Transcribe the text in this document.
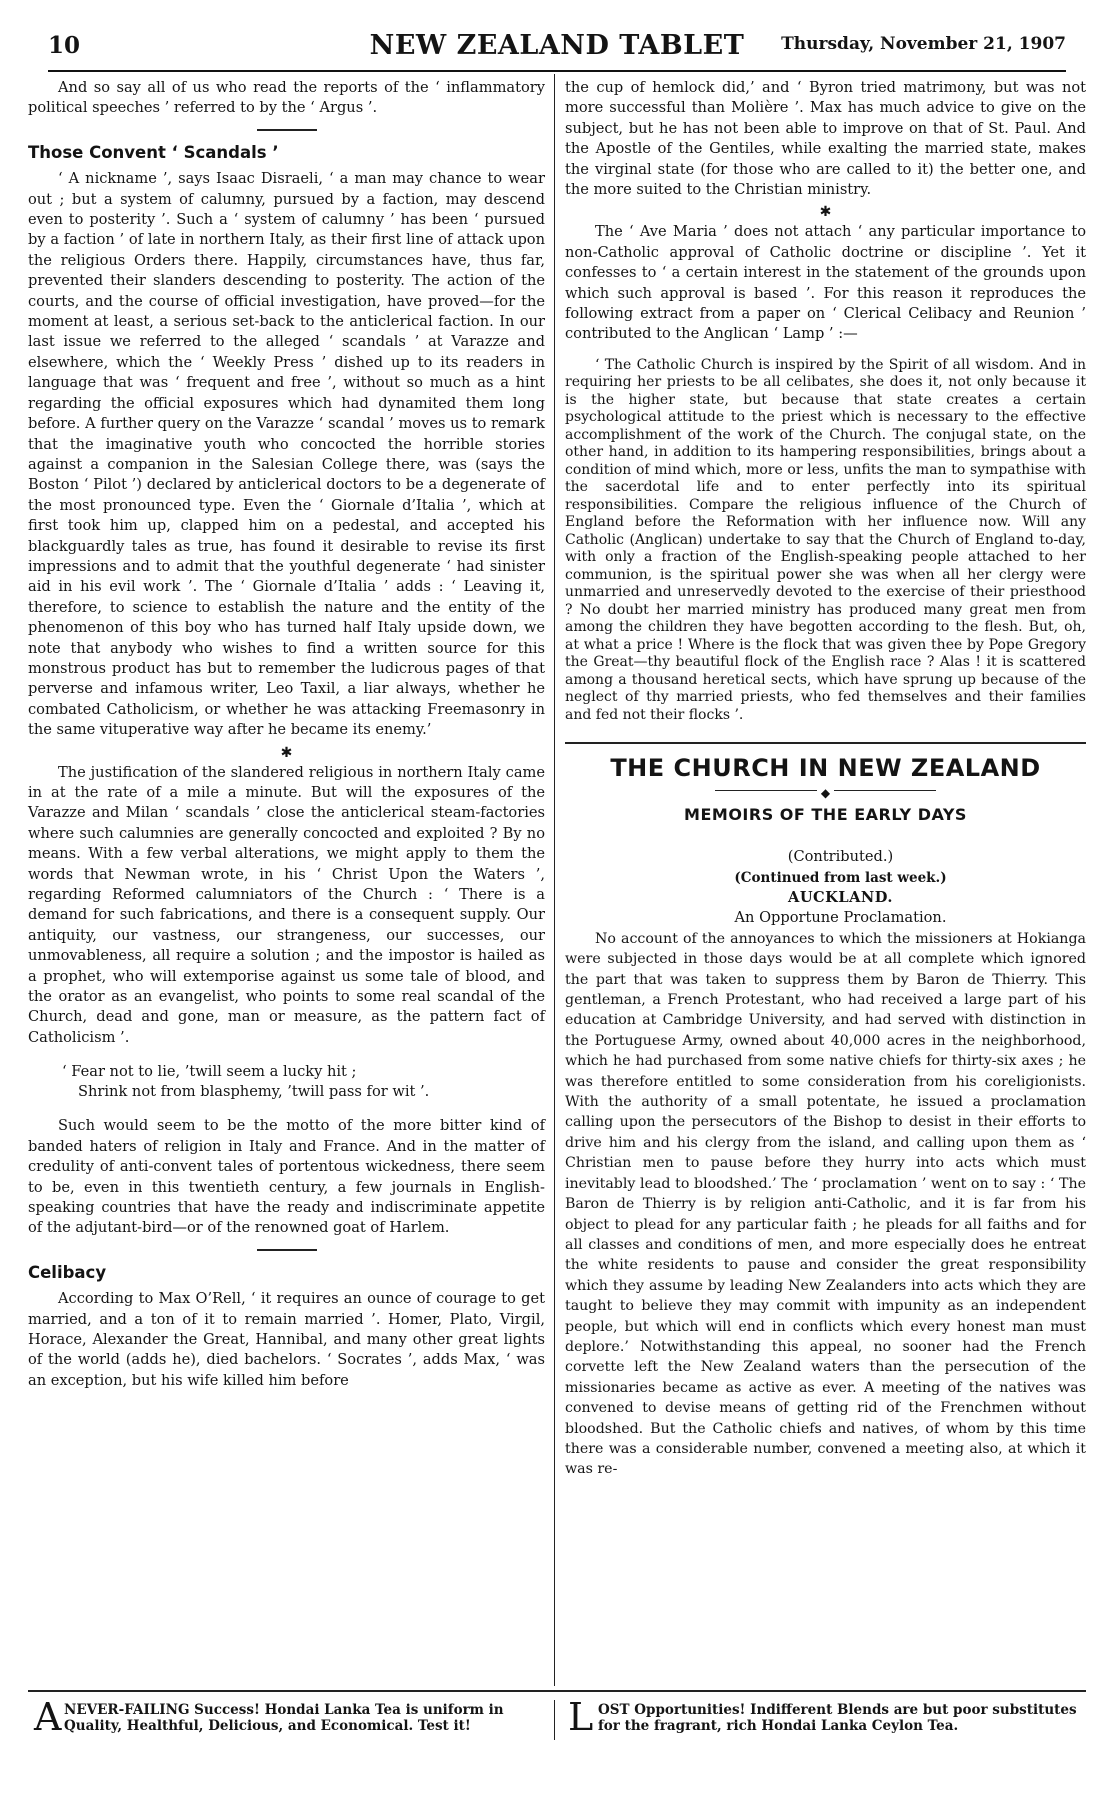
10	NEW ZEALAND TABLET	Thursday, November 21, 1907

And so say all of us who read the reports of the ‘ inflammatory political speeches ’ referred to by the ‘ Argus ’.

Those Convent ‘ Scandals ’

‘ A nickname ’, says Isaac Disraeli, ‘ a man may chance to wear out ; but a system of calumny, pursued by a faction, may descend even to posterity ’. Such a ‘ system of calumny ’ has been ‘ pursued by a faction ’ of late in northern Italy, as their first line of attack upon the religious Orders there. Happily, circumstances have, thus far, prevented their slanders descending to posterity. The action of the courts, and the course of official investigation, have proved—for the moment at least, a serious set-back to the anticlerical faction. In our last issue we referred to the alleged ‘ scandals ’ at Varazze and elsewhere, which the ‘ Weekly Press ’ dished up to its readers in language that was ‘ frequent and free ’, without so much as a hint regarding the official exposures which had dynamited them long before. A further query on the Varazze ‘ scandal ’ moves us to remark that the imaginative youth who concocted the horrible stories against a companion in the Salesian College there, was (says the Boston ‘ Pilot ’) declared by anticlerical doctors to be a degenerate of the most pronounced type. Even the ‘ Giornale d’Italia ’, which at first took him up, clapped him on a pedestal, and accepted his blackguardly tales as true, has found it desirable to revise its first impressions and to admit that the youthful degenerate ‘ had sinister aid in his evil work ’. The ‘ Giornale d’Italia ’ adds : ‘ Leaving it, therefore, to science to establish the nature and the entity of the phenomenon of this boy who has turned half Italy upside down, we note that anybody who wishes to find a written source for this monstrous product has but to remember the ludicrous pages of that perverse and infamous writer, Leo Taxil, a liar always, whether he combated Catholicism, or whether he was attacking Freemasonry in the same vituperative way after he became its enemy.’

✱

The justification of the slandered religious in northern Italy came in at the rate of a mile a minute. But will the exposures of the Varazze and Milan ‘ scandals ’ close the anticlerical steam-factories where such calumnies are generally concocted and exploited ? By no means. With a few verbal alterations, we might apply to them the words that Newman wrote, in his ‘ Christ Upon the Waters ’, regarding Reformed calumniators of the Church : ‘ There is a demand for such fabrications, and there is a consequent supply. Our antiquity, our vastness, our strangeness, our successes, our unmovableness, all require a solution ; and the impostor is hailed as a prophet, who will extemporise against us some tale of blood, and the orator as an evangelist, who points to some real scandal of the Church, dead and gone, man or measure, as the pattern fact of Catholicism ’.

‘ Fear not to lie, ’twill seem a lucky hit ;
Shrink not from blasphemy, ’twill pass for wit ’.

Such would seem to be the motto of the more bitter kind of banded haters of religion in Italy and France. And in the matter of credulity of anti-convent tales of portentous wickedness, there seem to be, even in this twentieth century, a few journals in English-speaking countries that have the ready and indiscriminate appetite of the adjutant-bird—or of the renowned goat of Harlem.

Celibacy

According to Max O’Rell, ‘ it requires an ounce of courage to get married, and a ton of it to remain married ’. Homer, Plato, Virgil, Horace, Alexander the Great, Hannibal, and many other great lights of the world (adds he), died bachelors. ‘ Socrates ’, adds Max, ‘ was an exception, but his wife killed him before

the cup of hemlock did,’ and ‘ Byron tried matrimony, but was not more successful than Molière ’. Max has much advice to give on the subject, but he has not been able to improve on that of St. Paul. And the Apostle of the Gentiles, while exalting the married state, makes the virginal state (for those who are called to it) the better one, and the more suited to the Christian ministry.

✱

The ‘ Ave Maria ’ does not attach ‘ any particular importance to non-Catholic approval of Catholic doctrine or discipline ’. Yet it confesses to ‘ a certain interest in the statement of the grounds upon which such approval is based ’. For this reason it reproduces the following extract from a paper on ‘ Clerical Celibacy and Reunion ’ contributed to the Anglican ‘ Lamp ’ :—

‘ The Catholic Church is inspired by the Spirit of all wisdom. And in requiring her priests to be all celibates, she does it, not only because it is the higher state, but because that state creates a certain psychological attitude to the priest which is necessary to the effective accomplishment of the work of the Church. The conjugal state, on the other hand, in addition to its hampering responsibilities, brings about a condition of mind which, more or less, unfits the man to sympathise with the sacerdotal life and to enter perfectly into its spiritual responsibilities. Compare the religious influence of the Church of England before the Reformation with her influence now. Will any Catholic (Anglican) undertake to say that the Church of England to-day, with only a fraction of the English-speaking people attached to her communion, is the spiritual power she was when all her clergy were unmarried and unreservedly devoted to the exercise of their priesthood ? No doubt her married ministry has produced many great men from among the children they have begotten according to the flesh. But, oh, at what a price ! Where is the flock that was given thee by Pope Gregory the Great—thy beautiful flock of the English race ? Alas ! it is scattered among a thousand heretical sects, which have sprung up because of the neglect of thy married priests, who fed themselves and their families and fed not their flocks ’.

THE CHURCH IN NEW ZEALAND
◆
MEMOIRS OF THE EARLY DAYS

(Contributed.)

(Continued from last week.)

AUCKLAND.

An Opportune Proclamation.

No account of the annoyances to which the missioners at Hokianga were subjected in those days would be at all complete which ignored the part that was taken to suppress them by Baron de Thierry. This gentleman, a French Protestant, who had received a large part of his education at Cambridge University, and had served with distinction in the Portuguese Army, owned about 40,000 acres in the neighborhood, which he had purchased from some native chiefs for thirty-six axes ; he was therefore entitled to some consideration from his coreligionists. With the authority of a small potentate, he issued a proclamation calling upon the persecutors of the Bishop to desist in their efforts to drive him and his clergy from the island, and calling upon them as ‘ Christian men to pause before they hurry into acts which must inevitably lead to bloodshed.’ The ‘ proclamation ’ went on to say : ‘ The Baron de Thierry is by religion anti-Catholic, and it is far from his object to plead for any particular faith ; he pleads for all faiths and for all classes and conditions of men, and more especially does he entreat the white residents to pause and consider the great responsibility which they assume by leading New Zealanders into acts which they are taught to believe they may commit with impunity as an independent people, but which will end in conflicts which every honest man must deplore.’ Notwithstanding this appeal, no sooner had the French corvette left the New Zealand waters than the persecution of the missionaries became as active as ever. A meeting of the natives was convened to devise means of getting rid of the Frenchmen without bloodshed. But the Catholic chiefs and natives, of whom by this time there was a considerable number, convened a meeting also, at which it was re-

A NEVER-FAILING Success! Hondai Lanka Tea is uniform in Quality, Healthful, Delicious, and Economical. Test it!	L OST Opportunities! Indifferent Blends are but poor substitutes for the fragrant, rich Hondai Lanka Ceylon Tea.
